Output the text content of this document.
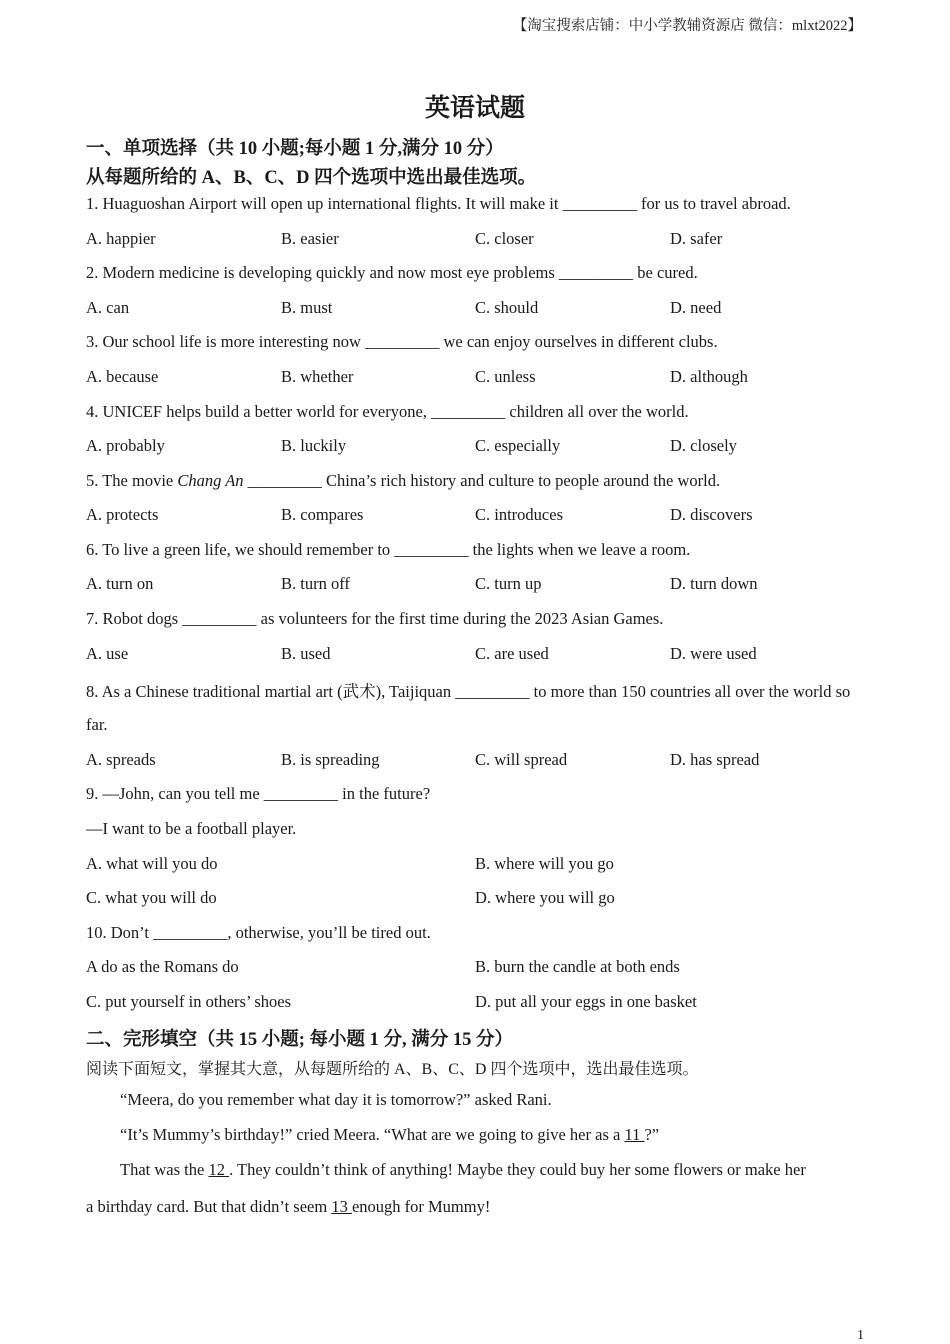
【淘宝搜索店铺：中小学教辅资源店 微信：mlxt2022】
英语试题
一、单项选择（共 10 小题;每小题 1 分,满分 10 分）
从每题所给的 A、B、C、D 四个选项中选出最佳选项。
1. Huaguoshan Airport will open up international flights. It will make it _________ for us to travel abroad.
A. happier	B. easier	C. closer	D. safer
2. Modern medicine is developing quickly and now most eye problems _________ be cured.
A. can	B. must	C. should	D. need
3. Our school life is more interesting now _________ we can enjoy ourselves in different clubs.
A. because	B. whether	C. unless	D. although
4. UNICEF helps build a better world for everyone, _________ children all over the world.
A. probably	B. luckily	C. especially	D. closely
5. The movie Chang An _________ China’s rich history and culture to people around the world.
A. protects	B. compares	C. introduces	D. discovers
6. To live a green life, we should remember to _________ the lights when we leave a room.
A. turn on	B. turn off	C. turn up	D. turn down
7. Robot dogs _________ as volunteers for the first time during the 2023 Asian Games.
A. use	B. used	C. are used	D. were used
8. As a Chinese traditional martial art (武术), Taijiquan _________ to more than 150 countries all over the world so
far.
A. spreads	B. is spreading	C. will spread	D. has spread
9. —John, can you tell me _________ in the future?
—I want to be a football player.
A. what will you do	B. where will you go
C. what you will do	D. where you will go
10. Don’t _________, otherwise, you’ll be tired out.
A do as the Romans do	B. burn the candle at both ends
C. put yourself in others’ shoes	D. put all your eggs in one basket
二、完形填空（共 15 小题; 每小题 1 分, 满分 15 分）
阅读下面短文，掌握其大意，从每题所给的 A、B、C、D 四个选项中，选出最佳选项。
“Meera, do you remember what day it is tomorrow?” asked Rani.
“It’s Mummy’s birthday!” cried Meera. “What are we going to give her as a 11 ?”
That was the 12 . They couldn’t think of anything! Maybe they could buy her some flowers or make her
a birthday card. But that didn’t seem 13 enough for Mummy!
1
